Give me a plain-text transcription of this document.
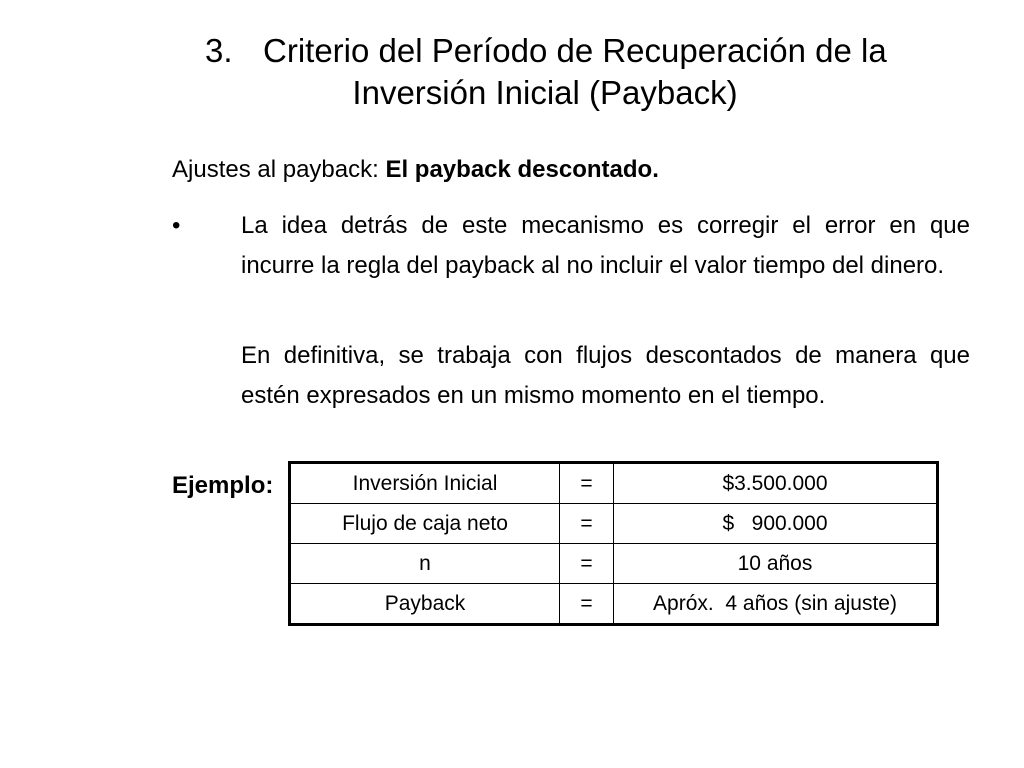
3. Criterio del Período de Recuperación de la
Inversión Inicial (Payback)
Ajustes al payback: El payback descontado.
•	La idea detrás de este mecanismo es corregir el error en que incurre la regla del payback al no incluir el valor tiempo del dinero.
En definitiva, se trabaja con flujos descontados de manera que estén expresados en un mismo momento en el tiempo.
Ejemplo:	Inversión Inicial	=	$3.500.000
Flujo de caja neto	=	$   900.000
n	=	10 años
Payback	=	Apróx.  4 años (sin ajuste)
